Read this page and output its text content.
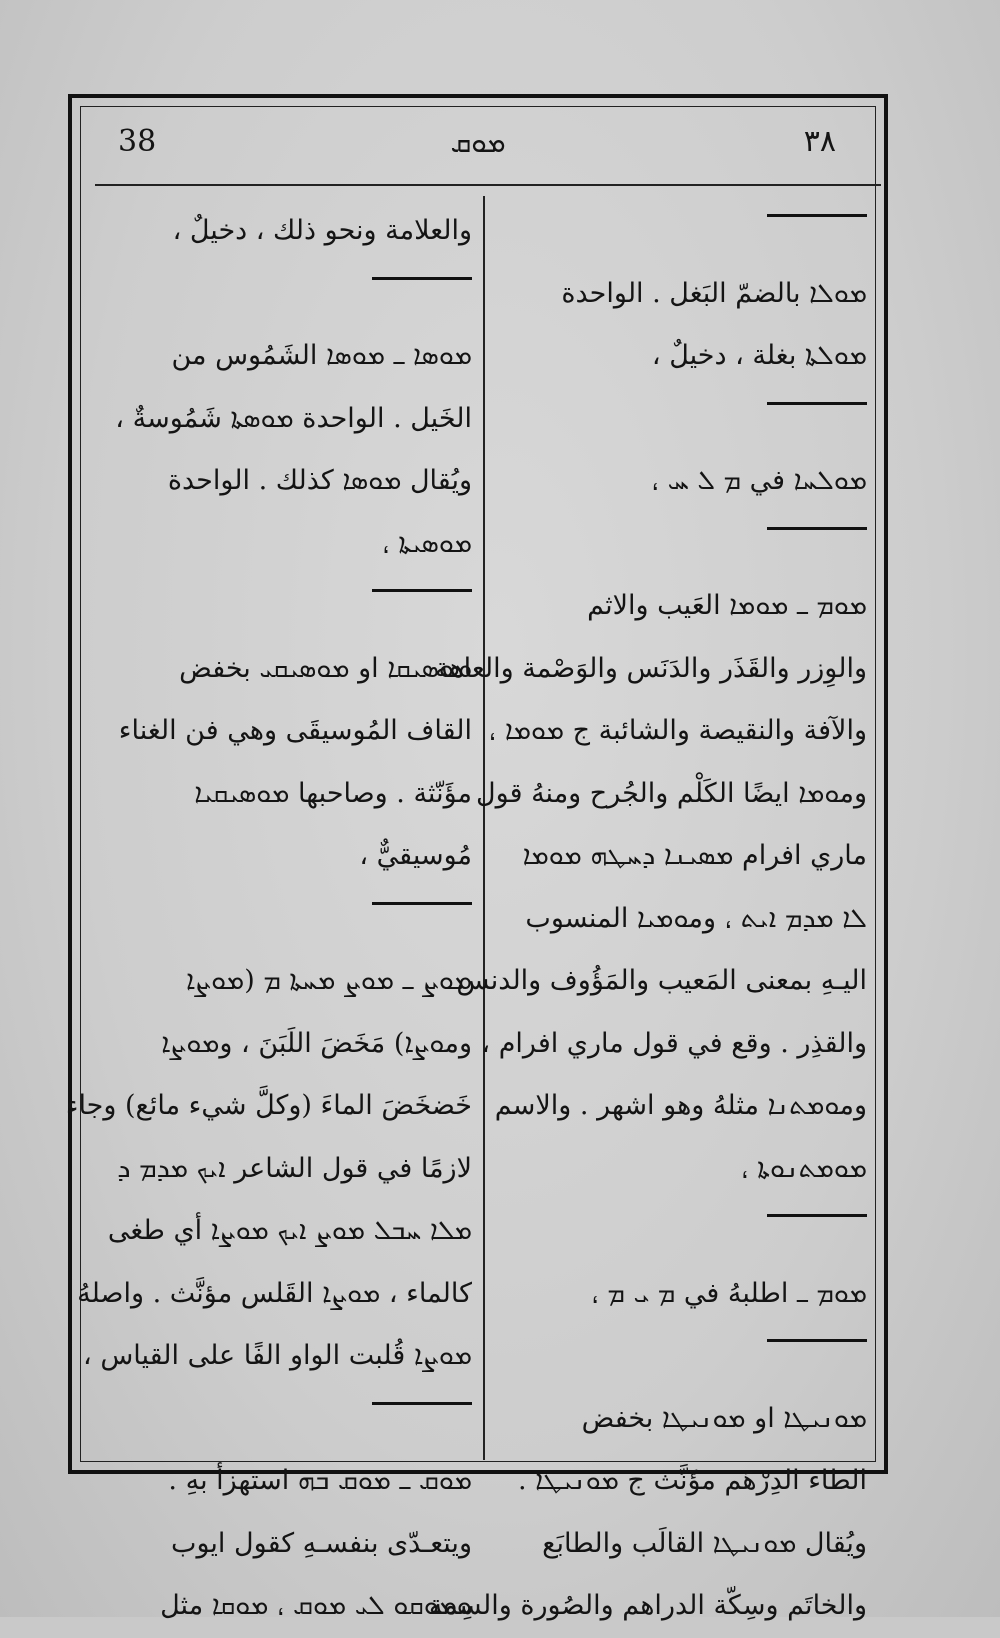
38	ܡܘܩ	٣٨
ܡܘܠܐ بالضمّ البَغل . الواحدة
ܡܘܠܬܐ بغلة ، دخيلٌ ،
ܡܘܠܚܐ في ܡ ܠ ܚ ،
ܡܘܡ ـ ܡܘܡܐ العَيب والاثم
والوِزر والقَذَر والدَنَس والوَصْمة والعاهة
والآفة والنقيصة والشائبة ج ܡܘܡܐ ،
ومܘܡܐ ايضًا الكَلْم والجُرح ومنهُ قول
ماري افرام ܡܣܝܢܐ ܕܚܛܗ ܡܘܡܐ
ܠܐ ܡܕܡ ܐܝܬ ، ومܘܡܝܐ المنسوب
اليـهِ بمعنى المَعيب والمَؤُوف والدنس
والقذِر . وقع في قول ماري افرام ،
ومܘܡܬܢܐ مثلهُ وهو اشهر . والاسم
ܡܘܡܬܢܘܬܐ ،
ܡܘܡ ـ اطلبهُ في ܡ ܝ ܡ ،
ܡܘܢܝܛܐ او ܡܘܢܝܛܐ بخفض
الطاء الدِرْهَم مؤَنَّث ج ܡܘܢܝܛܐ .
ويُقال ܡܘܢܝܛܐ القالَب والطابَع
والخاتَم وسِكّة الدراهم والصُورة والسِمة
والعلامة ونحو ذلك ، دخيلٌ ،
ܡܘܣܐ ـ ܡܘܣܐ الشَمُوس من
الخَيل . الواحدة ܡܘܣܬܐ شَمُوسةٌ ،
ويُقال ܡܘܣܐ كذلك . الواحدة
ܡܘܣܝܬܐ ،
ܡܘܣܝܩܐ او ܡܘܣܝܩܝ بخفض
القاف المُوسيقَى وهي فن الغناء
مؤَنّثة . وصاحبها ܡܘܣܝܩܝܐ
مُوسيقيٌّ ،
ܡܘܨ ـ ܡܘܨ ܡܚܬܐ ܡ (ܡܘܨܐ
ومܘܨܐ) مَخَضَ اللَبَنَ ، وܡܘܨܐ
خَضخَضَ الماءَ (وكلَّ شيء مائع) وجاء
لازمًا في قول الشاعر ܐܝܟ ܡܕܡ ܕ
ܡܠܐ ܚܒܠ ܡܘܨ ܐܝܟ ܡܘܨܐ أي طغى
كالماء ، ܡܘܨܐ القَلس مؤنَّث . واصلهُ
ܡܘܨܐ قُلبت الواو الفًا على القياس ،
ܡܘܩ ـ ܡܘܩ ܒܗ استهزأ بهِ .
ويتعـدّى بنفسـهِ كقول ايوب
ܘܡܘܩܘ ܠܝ ܡܘܩ ، ܡܘܩܐ مثل
